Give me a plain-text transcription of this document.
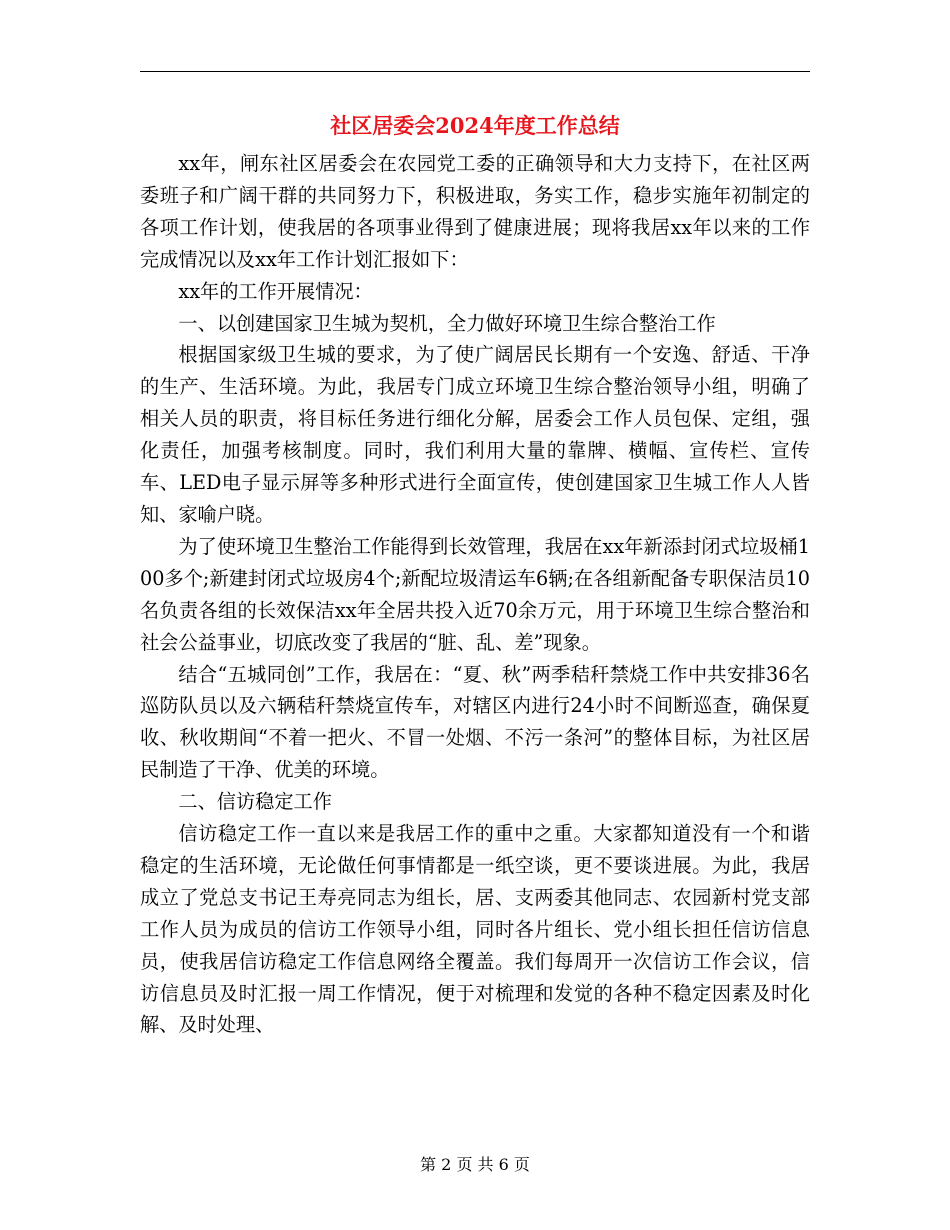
社区居委会2024年度工作总结

xx年，闸东社区居委会在农园党工委的正确领导和大力支持下，在社区两委班子和广阔干群的共同努力下，积极进取，务实工作，稳步实施年初制定的各项工作计划，使我居的各项事业得到了健康进展；现将我居xx年以来的工作完成情况以及xx年工作计划汇报如下：

xx年的工作开展情况：

一、以创建国家卫生城为契机，全力做好环境卫生综合整治工作

根据国家级卫生城的要求，为了使广阔居民长期有一个安逸、舒适、干净的生产、生活环境。为此，我居专门成立环境卫生综合整治领导小组，明确了相关人员的职责，将目标任务进行细化分解，居委会工作人员包保、定组，强化责任，加强考核制度。同时，我们利用大量的靠牌、横幅、宣传栏、宣传车、LED电子显示屏等多种形式进行全面宣传，使创建国家卫生城工作人人皆知、家喻户晓。

为了使环境卫生整治工作能得到长效管理，我居在xx年新添封闭式垃圾桶100多个;新建封闭式垃圾房4个;新配垃圾清运车6辆;在各组新配备专职保洁员10名负责各组的长效保洁xx年全居共投入近70余万元，用于环境卫生综合整治和社会公益事业，切底改变了我居的“脏、乱、差”现象。

结合“五城同创”工作，我居在：“夏、秋”两季秸秆禁烧工作中共安排36名巡防队员以及六辆秸秆禁烧宣传车，对辖区内进行24小时不间断巡查，确保夏收、秋收期间“不着一把火、不冒一处烟、不污一条河”的整体目标，为社区居民制造了干净、优美的环境。

二、信访稳定工作

信访稳定工作一直以来是我居工作的重中之重。大家都知道没有一个和谐稳定的生活环境，无论做任何事情都是一纸空谈，更不要谈进展。为此，我居成立了党总支书记王寿亮同志为组长，居、支两委其他同志、农园新村党支部工作人员为成员的信访工作领导小组，同时各片组长、党小组长担任信访信息员，使我居信访稳定工作信息网络全覆盖。我们每周开一次信访工作会议，信访信息员及时汇报一周工作情况，便于对梳理和发觉的各种不稳定因素及时化解、及时处理、

第 2 页 共 6 页
